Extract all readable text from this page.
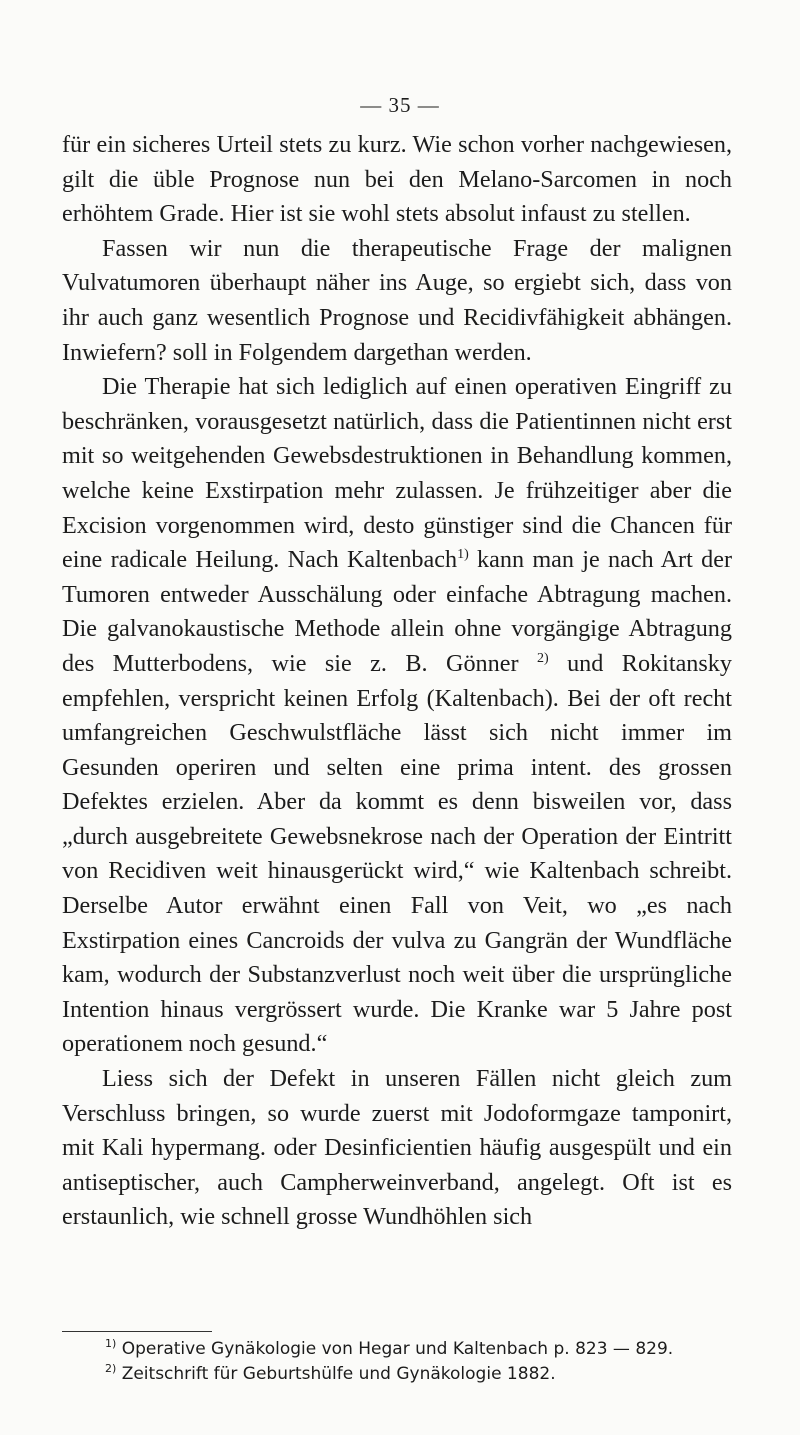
— 35 —

für ein sicheres Urteil stets zu kurz. Wie schon vorher nachgewiesen, gilt die üble Prognose nun bei den Melano-Sarcomen in noch erhöhtem Grade. Hier ist sie wohl stets absolut infaust zu stellen.

Fassen wir nun die therapeutische Frage der malignen Vulvatumoren überhaupt näher ins Auge, so ergiebt sich, dass von ihr auch ganz wesentlich Prognose und Recidivfähigkeit abhängen. Inwiefern? soll in Folgendem dargethan werden.

Die Therapie hat sich lediglich auf einen operativen Eingriff zu beschränken, vorausgesetzt natürlich, dass die Patientinnen nicht erst mit so weitgehenden Gewebsdestruktionen in Behandlung kommen, welche keine Exstirpation mehr zulassen. Je frühzeitiger aber die Excision vorgenommen wird, desto günstiger sind die Chancen für eine radicale Heilung. Nach Kaltenbach$^{1)}$ kann man je nach Art der Tumoren entweder Ausschälung oder einfache Abtragung machen. Die galvanokaustische Methode allein ohne vorgängige Abtragung des Mutterbodens, wie sie z. B. Gönner $^{2)}$ und Rokitansky empfehlen, verspricht keinen Erfolg (Kaltenbach). Bei der oft recht umfangreichen Geschwulstfläche lässt sich nicht immer im Gesunden operiren und selten eine prima intent. des grossen Defektes erzielen. Aber da kommt es denn bisweilen vor, dass „durch ausgebreitete Gewebsnekrose nach der Operation der Eintritt von Recidiven weit hinausgerückt wird,“ wie Kaltenbach schreibt. Derselbe Autor erwähnt einen Fall von Veit, wo „es nach Exstirpation eines Cancroids der vulva zu Gangrän der Wundfläche kam, wodurch der Substanzverlust noch weit über die ursprüngliche Intention hinaus vergrössert wurde. Die Kranke war 5 Jahre post operationem noch gesund.“

Liess sich der Defekt in unseren Fällen nicht gleich zum Verschluss bringen, so wurde zuerst mit Jodoformgaze tamponirt, mit Kali hypermang. oder Desinficientien häufig ausgespült und ein antiseptischer, auch Campherweinverband, angelegt. Oft ist es erstaunlich, wie schnell grosse Wundhöhlen sich

$^{1)}$ Operative Gynäkologie von Hegar und Kaltenbach p. 823 — 829.

$^{2)}$ Zeitschrift für Geburtshülfe und Gynäkologie 1882.
